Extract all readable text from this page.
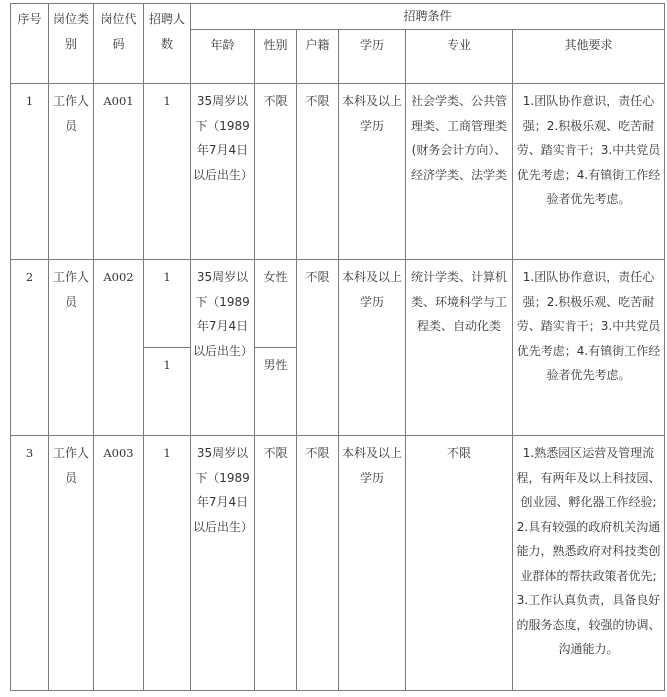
序号	岗位类别	岗位代码	招聘人数	招聘条件					
				年龄	性别	户籍	学历	专业	其他要求
1	工作人员	A001	1	35周岁以下（1989年7月4日以后出生）	不限	不限	本科及以上学历	社会学类、公共管理类、工商管理类(财务会计方向）、经济学类、法学类	1.团队协作意识，责任心强；2.积极乐观、吃苦耐劳、踏实肯干；3.中共党员优先考虑；4.有镇街工作经验者优先考虑。
2	工作人员	A002	1	35周岁以下（1989年7月4日以后出生）	女性	不限	本科及以上学历	统计学类、计算机类、环境科学与工程类、自动化类	1.团队协作意识，责任心强；2.积极乐观、吃苦耐劳、踏实肯干；3.中共党员优先考虑；4.有镇街工作经验者优先考虑。
			1		男性				
3	工作人员	A003	1	35周岁以下（1989年7月4日以后出生）	不限	不限	本科及以上学历	不限	1.熟悉园区运营及管理流程，有两年及以上科技园、创业园、孵化器工作经验;2.具有较强的政府机关沟通能力，熟悉政府对科技类创业群体的帮扶政策者优先;3.工作认真负责，具备良好的服务态度，较强的协调、沟通能力。
